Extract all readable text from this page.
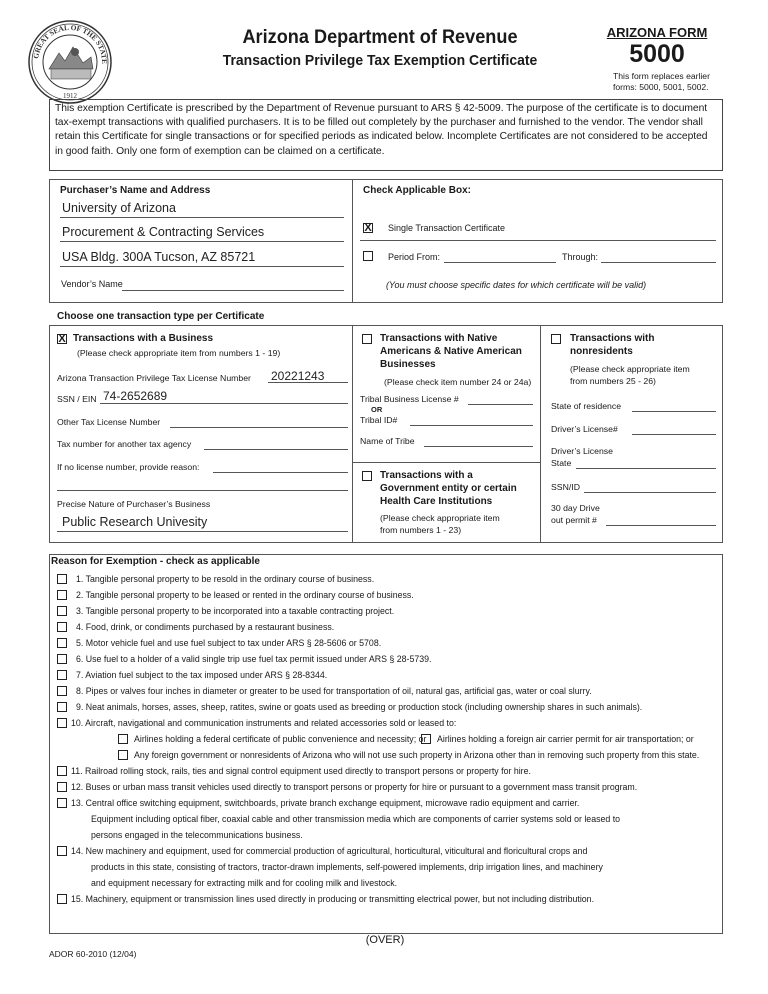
GREAT SEAL OF THE STATE
1912
Arizona Department of Revenue
Transaction Privilege Tax Exemption Certificate
ARIZONA FORM
5000
This form replaces earlier forms: 5000, 5001, 5002.
This exemption Certificate is prescribed by the Department of Revenue pursuant to ARS § 42-5009. The purpose of the certificate is to document tax-exempt transactions with qualified purchasers. It is to be filled out completely by the purchaser and furnished to the vendor. The vendor shall retain this Certificate for single transactions or for specified periods as indicated below. Incomplete Certificates are not considered to be accepted in good faith. Only one form of exemption can be claimed on a certificate.
Purchaser’s Name and Address
University of Arizona
Procurement & Contracting Services
USA Bldg. 300A Tucson, AZ 85721
Vendor’s Name
Check Applicable Box:
X Single Transaction Certificate
Period From:	Through:
(You must choose specific dates for which certificate will be valid)
Choose one transaction type per Certificate
X Transactions with a Business
(Please check appropriate item from numbers 1 - 19)
Arizona Transaction Privilege Tax License Number 20221243
SSN / EIN 74-2652689
Other Tax License Number
Tax number for another tax agency
If no license number, provide reason:
Precise Nature of Purchaser’s Business
Public Research Univesity
Transactions with Native
Americans & Native American
Businesses
(Please check item number 24 or 24a)
Tribal Business License #
OR
Tribal ID#
Name of Tribe
Transactions with a
Government entity or certain
Health Care Institutions
(Please check appropriate item
from numbers 1 - 23)
Transactions with
nonresidents
(Please check appropriate item
from numbers 25 - 26)
State of residence
Driver’s License#
Driver’s License
State
SSN/ID
30 day Drive
out permit #
Reason for Exemption - check as applicable
1. Tangible personal property to be resold in the ordinary course of business.
2. Tangible personal property to be leased or rented in the ordinary course of business.
3. Tangible personal property to be incorporated into a taxable contracting project.
4. Food, drink, or condiments purchased by a restaurant business.
5. Motor vehicle fuel and use fuel subject to tax under ARS § 28-5606 or 5708.
6. Use fuel to a holder of a valid single trip use fuel tax permit issued under ARS § 28-5739.
7. Aviation fuel subject to the tax imposed under ARS § 28-8344.
8. Pipes or valves four inches in diameter or greater to be used for transportation of oil, natural gas, artificial gas, water or coal slurry.
9. Neat animals, horses, asses, sheep, ratites, swine or goats used as breeding or production stock (including ownership shares in such animals).
10. Aircraft, navigational and communication instruments and related accessories sold or leased to:
Airlines holding a federal certificate of public convenience and necessity; or Airlines holding a foreign air carrier permit for air transportation; or
Any foreign government or nonresidents of Arizona who will not use such property in Arizona other than in removing such property from this state.
11. Railroad rolling stock, rails, ties and signal control equipment used directly to transport persons or property for hire.
12. Buses or urban mass transit vehicles used directly to transport persons or property for hire or pursuant to a government mass transit program.
13. Central office switching equipment, switchboards, private branch exchange equipment, microwave radio equipment and carrier.
Equipment including optical fiber, coaxial cable and other transmission media which are components of carrier systems sold or leased to
persons engaged in the telecommunications business.
14. New machinery and equipment, used for commercial production of agricultural, horticultural, viticultural and floricultural crops and
products in this state, consisting of tractors, tractor-drawn implements, self-powered implements, drip irrigation lines, and machinery
and equipment necessary for extracting milk and for cooling milk and livestock.
15. Machinery, equipment or transmission lines used directly in producing or transmitting electrical power, but not including distribution.
(OVER)
ADOR 60-2010 (12/04)
